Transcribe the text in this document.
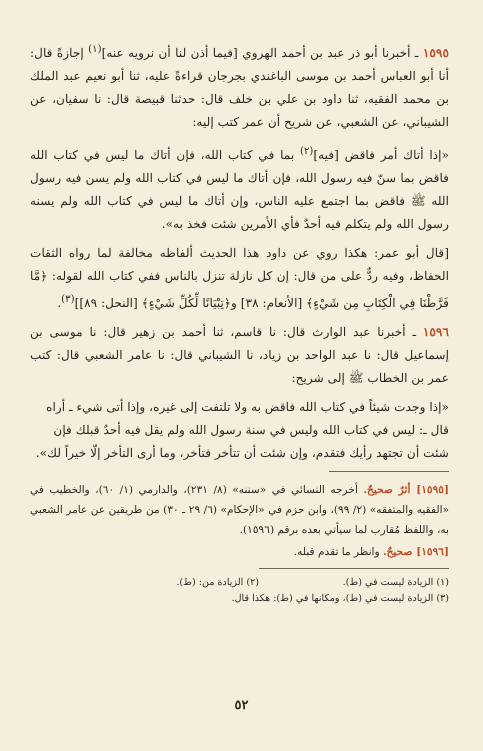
١٥٩٥ ـ أخبرنا أبو ذر عبد بن أحمد الهروي [فيما أذن لنا أن نرويه عنه]$^{(١)}$ إجازةً قال: أنا أبو العباس أحمد بن موسى الباغندي بجرجان قراءةً عليه، ثنا أبو نعيم عبد الملك بن محمد الفقيه، ثنا داود بن علي بن خلف قال: حدثنا قبيصة قال: نا سفيان، عن الشيباني، عن الشعبي، عن شريح أن عمر كتب إليه:

«إذا أتاك أمر فاقض [فيه]$^{(٢)}$ بما في كتاب الله، فإن أتاك ما ليس في كتاب الله فاقض بما سنّ فيه رسول الله، فإن أتاك ما ليس في كتاب الله ولم يسن فيه رسول الله ﷺ فاقض بما اجتمع عليه الناس، وإن أتاك ما ليس في كتاب الله ولم يسنه رسول الله ولم يتكلم فيه أحدٌ فأي الأمرين شئت فخذ به».

[قال أبو عمر: هكذا روي عن داود هذا الحديث ألفاظه مخالفة لما رواه الثقات الحفاظ، وفيه ردٌّ على من قال: إن كل نازلة تنزل بالناس ففي كتاب الله لقوله: ﴿مَّا فَرَّطْنَا فِي الْكِتَابِ مِن شَيْءٍ﴾ [الأنعام: ٣٨] و﴿تِبْيَانًا لِّكُلِّ شَيْءٍ﴾ [النحل: ٨٩]]$^{(٣)}$.

١٥٩٦ ـ أخبرنا عبد الوارث قال: نا قاسم، ثنا أحمد بن زهير قال: نا موسى بن إسماعيل قال: نا عبد الواحد بن زياد، نا الشيباني قال: نا عامر الشعبي قال: كتب عمر بن الخطاب ﷺ إلى شريح:

«إذا وجدت شيئاً في كتاب الله فاقض به ولا تلتفت إلى غيره، وإذا أتى شيء ـ أراه قال ـ: ليس في كتاب الله وليس في سنة رسول الله ولم يقل فيه أحدٌ قبلك فإن شئت أن تجتهد رأيك فتقدم، وإن شئت أن تتأخر فتأخر، وما أرى التأخر إلّا خيراً لك».

[١٥٩٥] أثرٌ صحيحٌ. أخرجه النسائي في «سننه» (٨/ ٢٣١)، والدارمي (١/ ٦٠)، والخطيب في «الفقيه والمتفقه» (٢/ ٩٩)، وابن حزم في «الإحكام» (٦/ ٢٩ ـ ٣٠) من طريقين عن عامر الشعبي به، واللفظ مُقارب لما سيأتي بعده برقم (١٥٩٦).

[١٥٩٦] صحيحٌ. وانظر ما تقدم قبله.

(١) الزيادة ليست في (ط).
(٢) الزيادة من: (ط).
(٣) الزيادة ليست في (ط)، ومكانها في (ط): هكذا قال.
٥٢
